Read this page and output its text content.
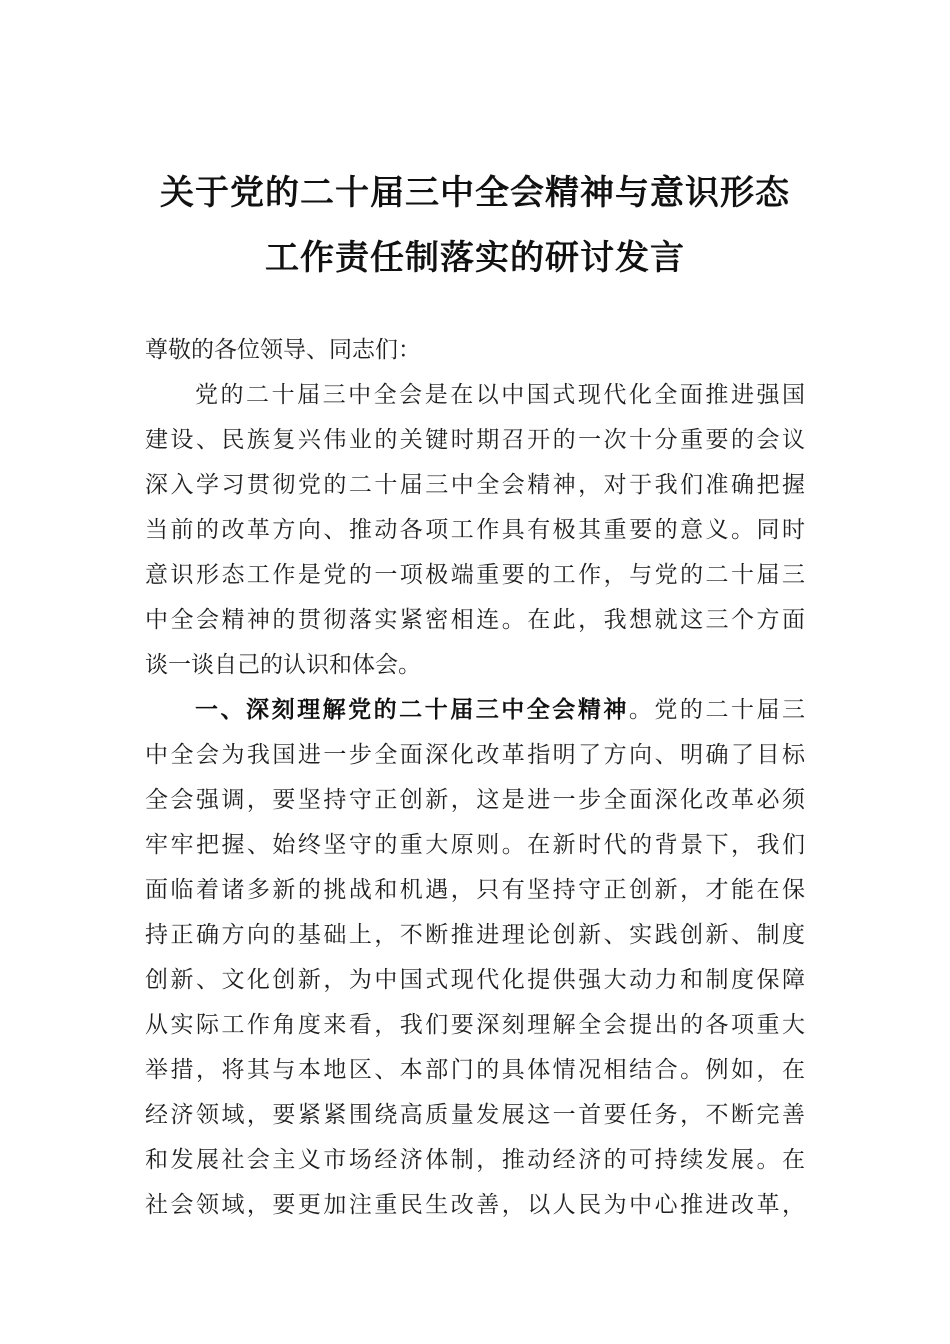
关于党的二十届三中全会精神与意识形态
工作责任制落实的研讨发言
尊敬的各位领导、同志们：
党的二十届三中全会是在以中国式现代化全面推进强国
建设、民族复兴伟业的关键时期召开的一次十分重要的会议
深入学习贯彻党的二十届三中全会精神，对于我们准确把握
当前的改革方向、推动各项工作具有极其重要的意义。同时
意识形态工作是党的一项极端重要的工作，与党的二十届三
中全会精神的贯彻落实紧密相连。在此，我想就这三个方面
谈一谈自己的认识和体会。
一、深刻理解党的二十届三中全会精神。党的二十届三
中全会为我国进一步全面深化改革指明了方向、明确了目标
全会强调，要坚持守正创新，这是进一步全面深化改革必须
牢牢把握、始终坚守的重大原则。在新时代的背景下，我们
面临着诸多新的挑战和机遇，只有坚持守正创新，才能在保
持正确方向的基础上，不断推进理论创新、实践创新、制度
创新、文化创新，为中国式现代化提供强大动力和制度保障
从实际工作角度来看，我们要深刻理解全会提出的各项重大
举措，将其与本地区、本部门的具体情况相结合。例如，在
经济领域，要紧紧围绕高质量发展这一首要任务，不断完善
和发展社会主义市场经济体制，推动经济的可持续发展。在
社会领域，要更加注重民生改善，以人民为中心推进改革，
